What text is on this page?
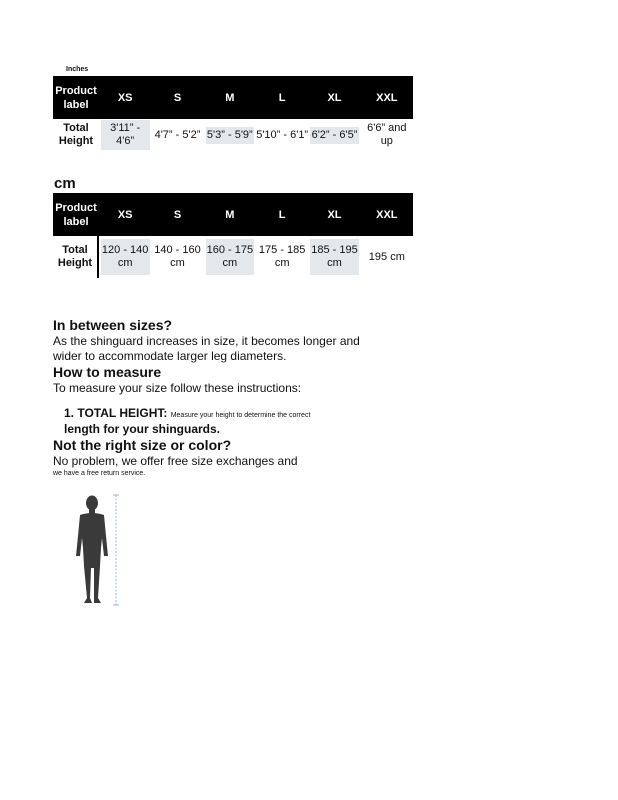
Inches
Product label	XS	S	M	L	XL	XXL
Total Height	3'11” - 4'6”	4'7” - 5'2”	5'3” - 5'9”	5'10” - 6'1”	6'2” - 6'5”	6'6” and up
cm
Product label	XS	S	M	L	XL	XXL
Total Height	120 - 140 cm	140 - 160 cm	160 - 175 cm	175 - 185 cm	185 - 195 cm	195 cm
In between sizes?
As the shinguard increases in size, it becomes longer and wider to accommodate larger leg diameters.
How to measure
To measure your size follow these instructions:
1. TOTAL HEIGHT: Measure your height to determine the correct
length for your shinguards.
Not the right size or color?
No problem, we offer free size exchanges and
we have a free return service.
